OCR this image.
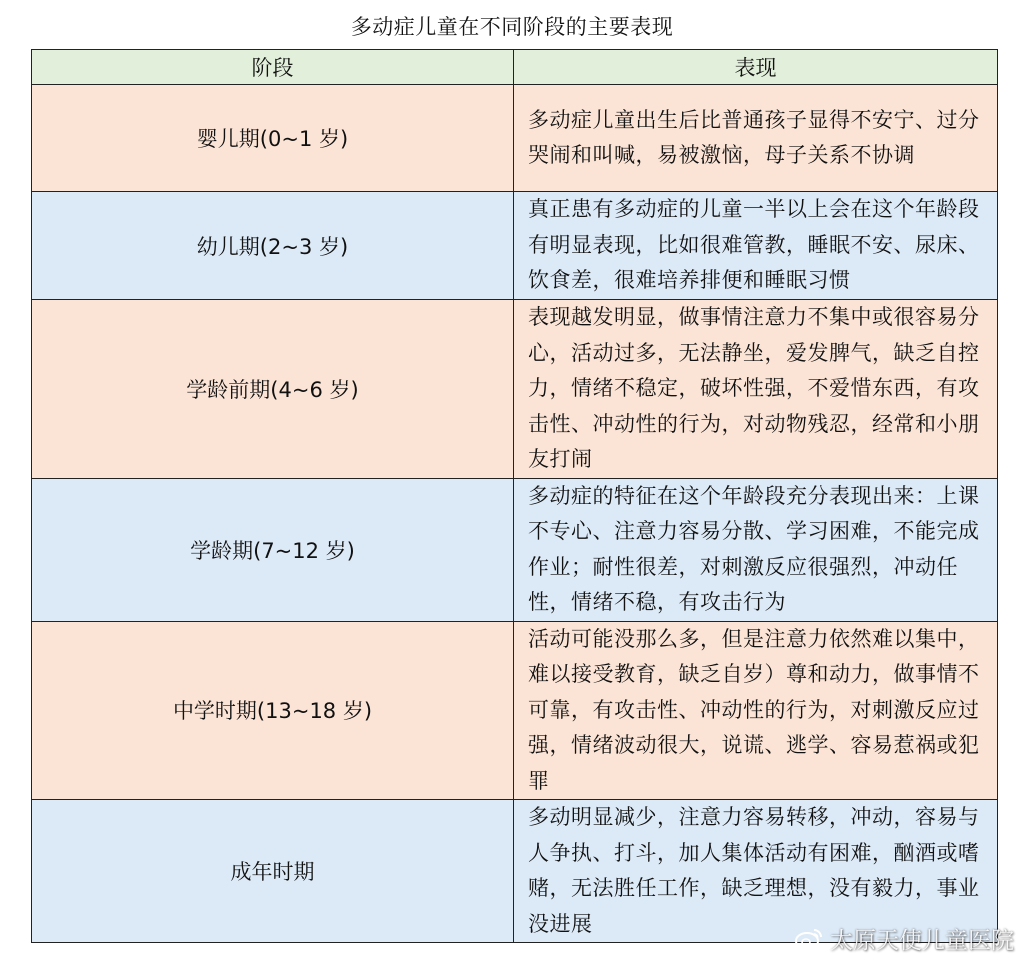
多动症儿童在不同阶段的主要表现
阶段	表现
婴儿期(0~1 岁)	多动症儿童出生后比普通孩子显得不安宁、过分哭闹和叫喊，易被激恼，母子关系不协调
幼儿期(2~3 岁)	真正患有多动症的儿童一半以上会在这个年龄段有明显表现，比如很难管教，睡眠不安、尿床、饮食差，很难培养排便和睡眠习惯
学龄前期(4~6 岁)	表现越发明显，做事情注意力不集中或很容易分心，活动过多，无法静坐，爱发脾气，缺乏自控力，情绪不稳定，破坏性强，不爱惜东西，有攻击性、冲动性的行为，对动物残忍，经常和小朋友打闹
学龄期(7~12 岁)	多动症的特征在这个年龄段充分表现出来：上课不专心、注意力容易分散、学习困难，不能完成作业；耐性很差，对刺激反应很强烈，冲动任性，情绪不稳，有攻击行为
中学时期(13~18 岁)	活动可能没那么多，但是注意力依然难以集中，难以接受教育，缺乏自岁）尊和动力，做事情不可靠，有攻击性、冲动性的行为，对刺激反应过强，情绪波动很大，说谎、逃学、容易惹祸或犯罪
成年时期	多动明显减少，注意力容易转移，冲动，容易与人争执、打斗，加人集体活动有困难，酗酒或嗜赌，无法胜任工作，缺乏理想，没有毅力，事业没进展
太原天使儿童医院
